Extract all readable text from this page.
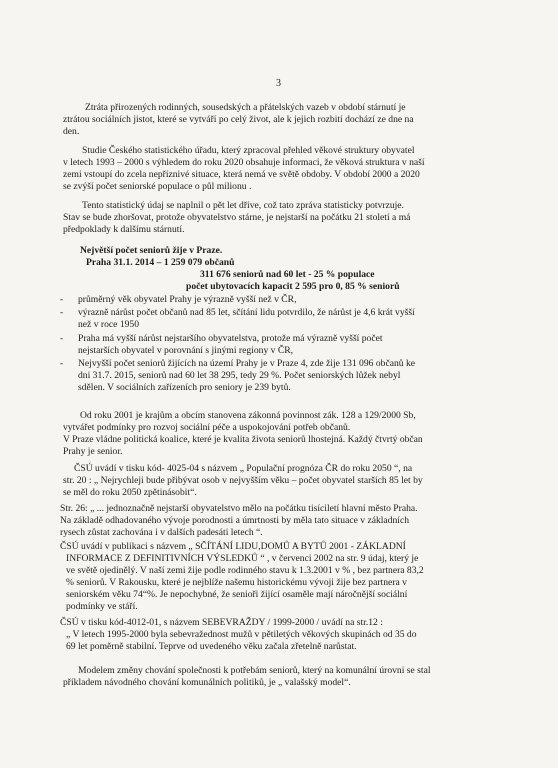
3
Ztráta přirozených rodinných, sousedských a přátelských vazeb v období stárnutí je
ztrátou sociálních jistot, které se vytváří po celý život, ale k jejich rozbití dochází ze dne na
den.
Studie Českého statistického úřadu, který zpracoval přehled věkové struktury obyvatel
v letech 1993 – 2000 s výhledem do roku 2020 obsahuje informaci, že věková struktura v naší
zemi vstoupí do zcela nepříznivé situace, která nemá ve světě obdoby. V období 2000 a 2020
se zvýší počet seniorské populace o půl milionu .
Tento statistický údaj se naplnil o pět let dříve, což tato zpráva statisticky potvrzuje.
Stav se bude zhoršovat, protože obyvatelstvo stárne, je nejstarší na počátku 21 století a má
předpoklady k dalšímu stárnutí.
Největší počet seniorů žije v Praze.
Praha 31.1. 2014 – 1 259 079 občanů
311 676 seniorů nad 60 let - 25 % populace
počet ubytovacích kapacit 2 595 pro 0, 85 % seniorů
- průměrný věk obyvatel Prahy je výrazně vyšší než v ČR,
- výrazně nárůst počet občanů nad 85 let, sčítání lidu potvrdilo, že nárůst je 4,6 krát vyšší
než v roce 1950
- Praha má vyšší nárůst nejstaršího obyvatelstva, protože má výrazně vyšší počet
nejstarších obyvatel v porovnání s jinými regiony v ČR,
- Nejvyšší počet seniorů žijících na území Prahy je v Praze 4, zde žije 131 096 občanů ke
dni 31.7. 2015, seniorů nad 60 let 38 295, tedy 29 %. Počet seniorských lůžek nebyl
sdělen. V sociálních zařízeních pro seniory je 239 bytů.
Od roku 2001 je krajům a obcím stanovena zákonná povinnost zák. 128 a 129/2000 Sb,
vytvářet podmínky pro rozvoj sociální péče a uspokojování potřeb občanů.
V Praze vládne politická koalice, které je kvalita života seniorů lhostejná. Každý čtvrtý občan
Prahy je senior.
ČSÚ uvádí v tisku kód- 4025-04 s názvem „ Populační prognóza ČR do roku 2050 “, na
str. 20 : „ Nejrychleji bude přibývat osob v nejvyšším věku – počet obyvatel starších 85 let by
se měl do roku 2050 zpětinásobit“.
Str. 26: „ ... jednoznačně nejstarší obyvatelstvo mělo na počátku tisíciletí hlavní město Praha.
Na základě odhadovaného vývoje porodnosti a úmrtnosti by měla tato situace v základních
rysech zůstat zachována i v dalších padesáti letech “.
ČSÚ uvádí v publikaci s názvem „ SČÍTÁNÍ LIDU,DOMŮ A BYTŮ 2001 - ZÁKLADNÍ
INFORMACE Z DEFINITIVNÍCH VÝSLEDKŮ “ , v červenci 2002 na str. 9 údaj, který je
ve světě ojedinělý. V naší zemi žije podle rodinného stavu k 1.3.2001 v % , bez partnera 83,2
% seniorů. V Rakousku, které je nejblíže našemu historickému vývoji žije bez partnera v
seniorském věku 74“%. Je nepochybné, že senioři žijící osaměle mají náročnější sociální
podmínky ve stáří.
ČSÚ v tisku kód-4012-01, s názvem SEBEVRAŽDY / 1999-2000 / uvádí na str.12 :
„ V letech 1995-2000 byla sebevražednost mužů v pětiletých věkových skupinách od 35 do
69 let poměrně stabilní. Teprve od uvedeného věku začala zřetelně narůstat.
Modelem změny chování společnosti k potřebám seniorů, který na komunální úrovni se stal
příkladem návodného chování komunálních politiků, je „ valašský model“.
